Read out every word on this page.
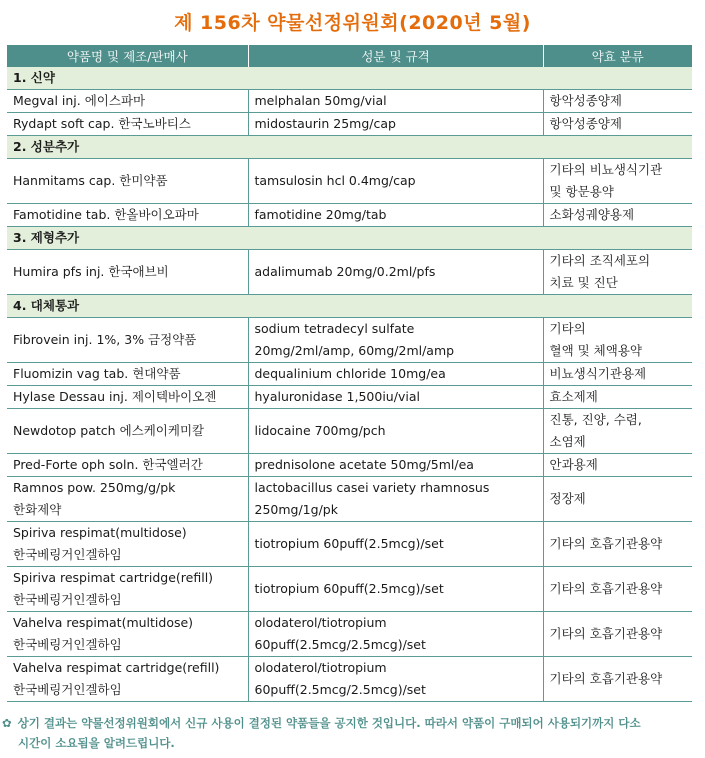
제 156차 약물선정위원회(2020년 5월)
약품명 및 제조/판매사	성분 및 규격	약효 분류
1. 신약		

Megval inj. 에이스파마	melphalan 50mg/vial	항악성종양제

Rydapt soft cap. 한국노바티스	midostaurin 25mg/cap	항악성종양제

2. 성분추가		

Hanmitams cap. 한미약품	tamsulosin hcl 0.4mg/cap	기타의 비뇨생식기관
및 항문용약

Famotidine tab. 한올바이오파마	famotidine 20mg/tab	소화성궤양용제

3. 제형추가		

Humira pfs inj. 한국애브비	adalimumab 20mg/0.2ml/pfs	기타의 조직세포의
치료 및 진단

4. 대체통과		

Fibrovein inj. 1%, 3% 금정약품	sodium tetradecyl sulfate
20mg/2ml/amp, 60mg/2ml/amp	기타의
혈액 및 체액용약

Fluomizin vag tab. 현대약품	dequalinium chloride 10mg/ea	비뇨생식기관용제

Hylase Dessau inj. 제이텍바이오젠	hyaluronidase 1,500iu/vial	효소제제

Newdotop patch 에스케이케미칼	lidocaine 700mg/pch	진통, 진양, 수렴,
소염제

Pred-Forte oph soln. 한국엘러간	prednisolone acetate 50mg/5ml/ea	안과용제

Ramnos pow. 250mg/g/pk
한화제약	lactobacillus casei variety rhamnosus
250mg/1g/pk	정장제

Spiriva respimat(multidose)
한국베링거인겔하임	tiotropium 60puff(2.5mcg)/set	기타의 호흡기관용약

Spiriva respimat cartridge(refill)
한국베링거인겔하임	tiotropium 60puff(2.5mcg)/set	기타의 호흡기관용약

Vahelva respimat(multidose)
한국베링거인겔하임	olodaterol/tiotropium
60puff(2.5mcg/2.5mcg)/set	기타의 호흡기관용약

Vahelva respimat cartridge(refill)
한국베링거인겔하임	olodaterol/tiotropium
60puff(2.5mcg/2.5mcg)/set	기타의 호흡기관용약
✿ 상기 결과는 약물선정위원회에서 신규 사용이 결정된 약품들을 공지한 것입니다. 따라서 약품이 구매되어 사용되기까지 다소
시간이 소요됨을 알려드립니다.
